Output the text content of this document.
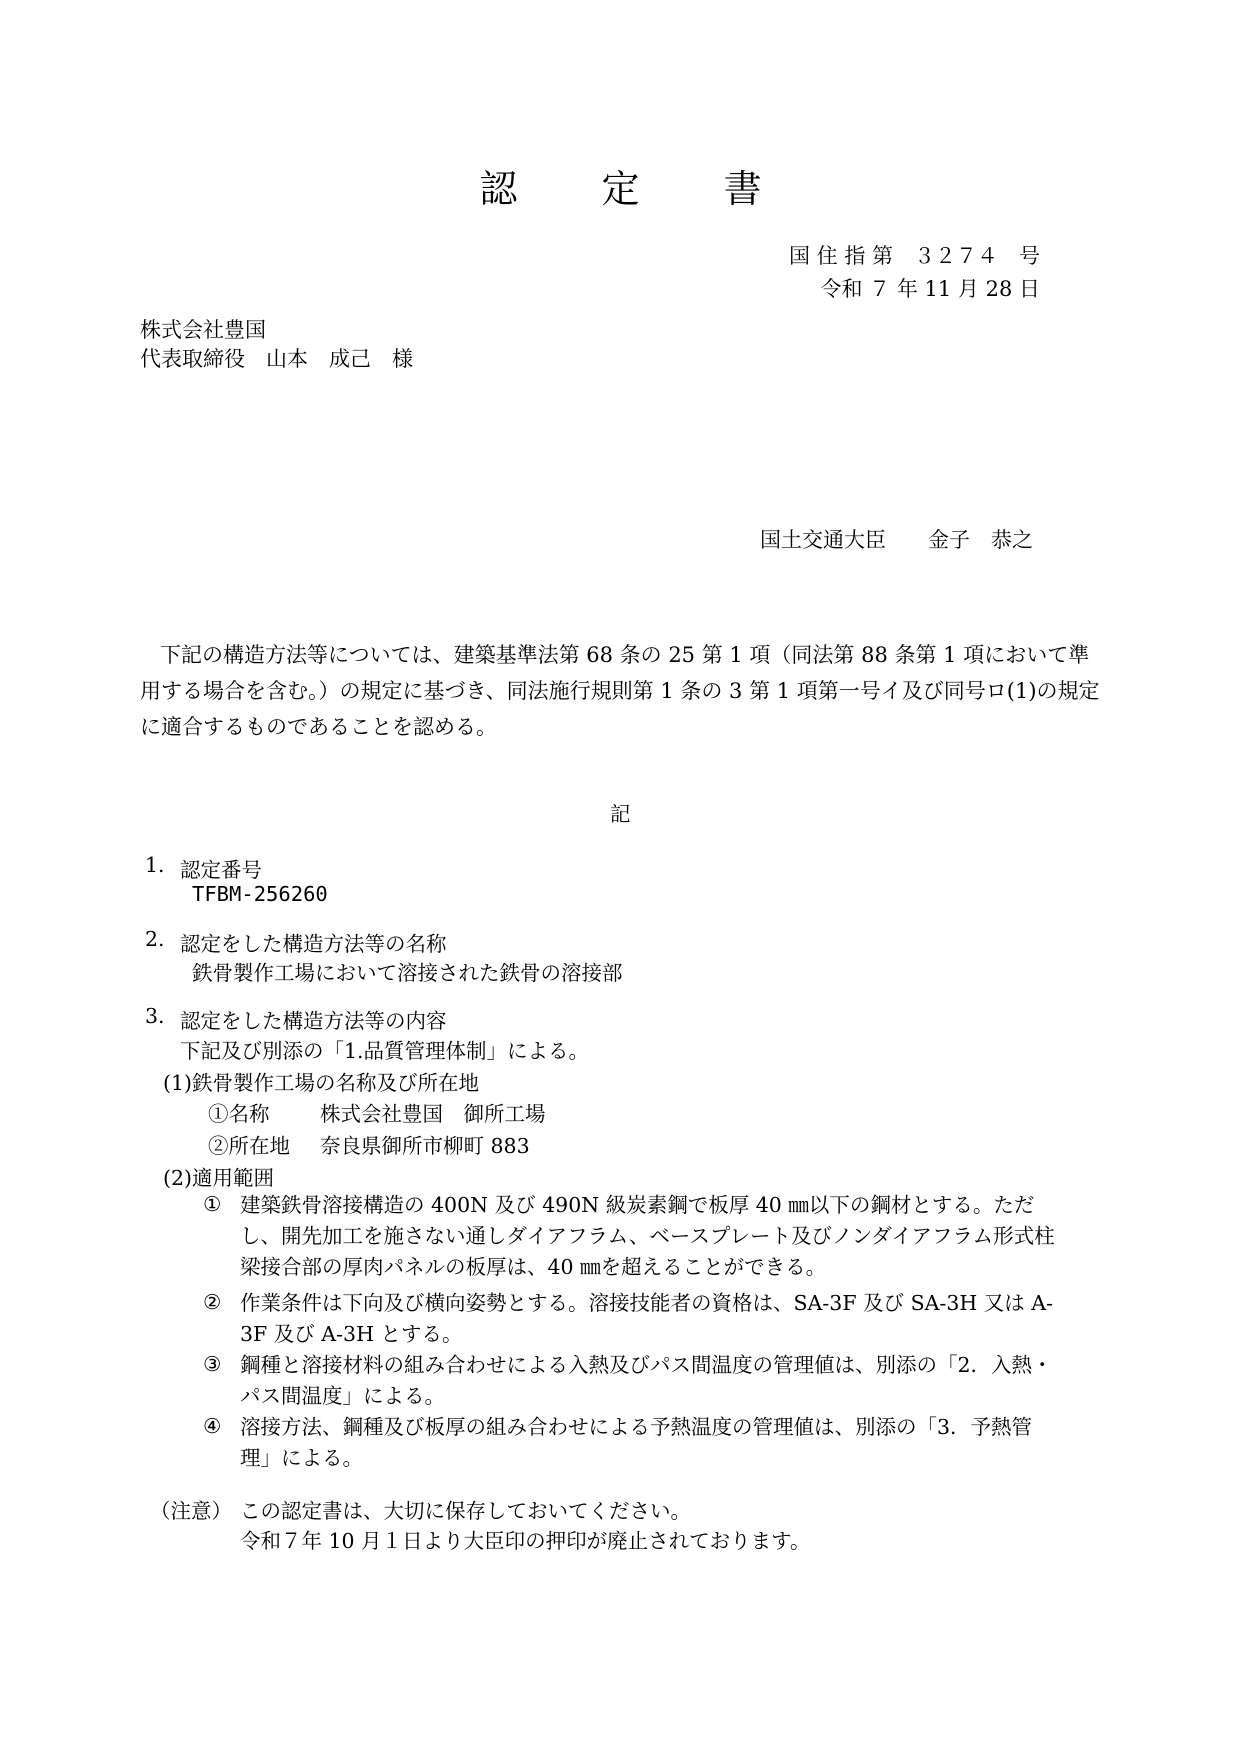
認 定 書
国 住 指 第　３２７４　号
令和 ７ 年 11 月 28 日
株式会社豊国
代表取締役　山本　成己　様
国土交通大臣　　金子　恭之
下記の構造方法等については、建築基準法第 68 条の 25 第 1 項（同法第 88 条第 1 項において準用する場合を含む。）の規定に基づき、同法施行規則第 1 条の 3 第 1 項第一号イ及び同号ロ(1)の規定に適合するものであることを認める。
記
1. 認定番号
TFBM-256260
2. 認定をした構造方法等の名称
鉄骨製作工場において溶接された鉄骨の溶接部
3. 認定をした構造方法等の内容
下記及び別添の「1.品質管理体制」による。
(1)鉄骨製作工場の名称及び所在地
①名称 株式会社豊国　御所工場
②所在地 奈良県御所市柳町 883
(2)適用範囲
① 建築鉄骨溶接構造の 400N 及び 490N 級炭素鋼で板厚 40 ㎜以下の鋼材とする。ただし、開先加工を施さない通しダイアフラム、ベースプレート及びノンダイアフラム形式柱梁接合部の厚肉パネルの板厚は、40 ㎜を超えることができる。
② 作業条件は下向及び横向姿勢とする。溶接技能者の資格は、SA-3F 及び SA-3H 又は A-3F 及び A-3H とする。
③ 鋼種と溶接材料の組み合わせによる入熱及びパス間温度の管理値は、別添の「2．入熱・パス間温度」による。
④ 溶接方法、鋼種及び板厚の組み合わせによる予熱温度の管理値は、別添の「3．予熱管理」による。
（注意） この認定書は、大切に保存しておいてください。
令和７年 10 月１日より大臣印の押印が廃止されております。
